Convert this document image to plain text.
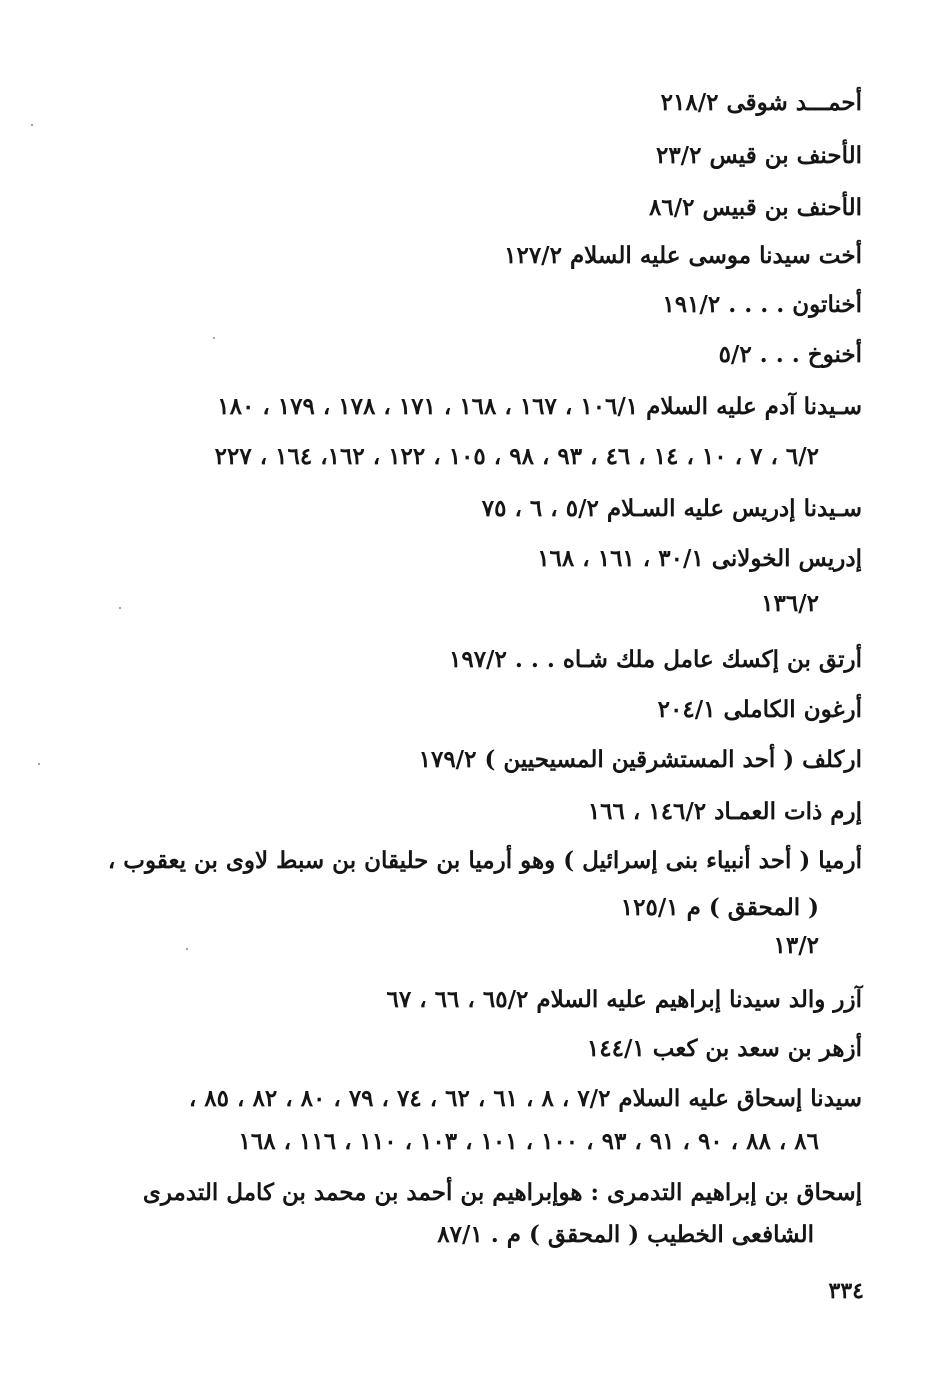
أحمـــد شوقى ٢١٨/٢
الأحنف بن قيس ٢٣/٢
الأحنف بن قبيس ٨٦/٢
أخت سيدنا موسى عليه السلام ١٢٧/٢
أخناتون . . . . ١٩١/٢
أخنوخ . . . ٥/٢
سـيدنا آدم عليه السلام ١٠٦/١ ، ١٦٧ ، ١٦٨ ، ١٧١ ، ١٧٨ ، ١٧٩ ، ١٨٠
٦/٢ ، ٧ ، ١٠ ، ١٤ ، ٤٦ ، ٩٣ ، ٩٨ ، ١٠٥ ، ١٢٢ ، ١٦٢، ١٦٤ ، ٢٢٧
سـيدنا إدريس عليه السـلام ٥/٢ ، ٦ ، ٧٥
إدريس الخولانى ٣٠/١ ، ١٦١ ، ١٦٨
١٣٦/٢
أرتق بن إكسك عامل ملك شـاه . . . ١٩٧/٢
أرغون الكاملى ٢٠٤/١
اركلف ( أحد المستشرقين المسيحيين ) ١٧٩/٢
إرم ذات العمـاد ١٤٦/٢ ، ١٦٦
أرميا ( أحد أنبياء بنى إسرائيل ) وهو أرميا بن حليقان بن سبط لاوى بن يعقوب ،
( المحقق ) م ١٢٥/١
١٣/٢
آزر والد سيدنا إبراهيم عليه السلام ٦٥/٢ ، ٦٦ ، ٦٧
أزهر بن سعد بن كعب ١٤٤/١
سيدنا إسحاق عليه السلام ٧/٢ ، ٨ ، ٦١ ، ٦٢ ، ٧٤ ، ٧٩ ، ٨٠ ، ٨٢ ، ٨٥ ،
٨٦ ، ٨٨ ، ٩٠ ، ٩١ ، ٩٣ ، ١٠٠ ، ١٠١ ، ١٠٣ ، ١١٠ ، ١١٦ ، ١٦٨
إسحاق بن إبراهيم التدمرى : هوإبراهيم بن أحمد بن محمد بن كامل التدمرى
الشافعى الخطيب ( المحقق ) م . ٨٧/١
٣٣٤
